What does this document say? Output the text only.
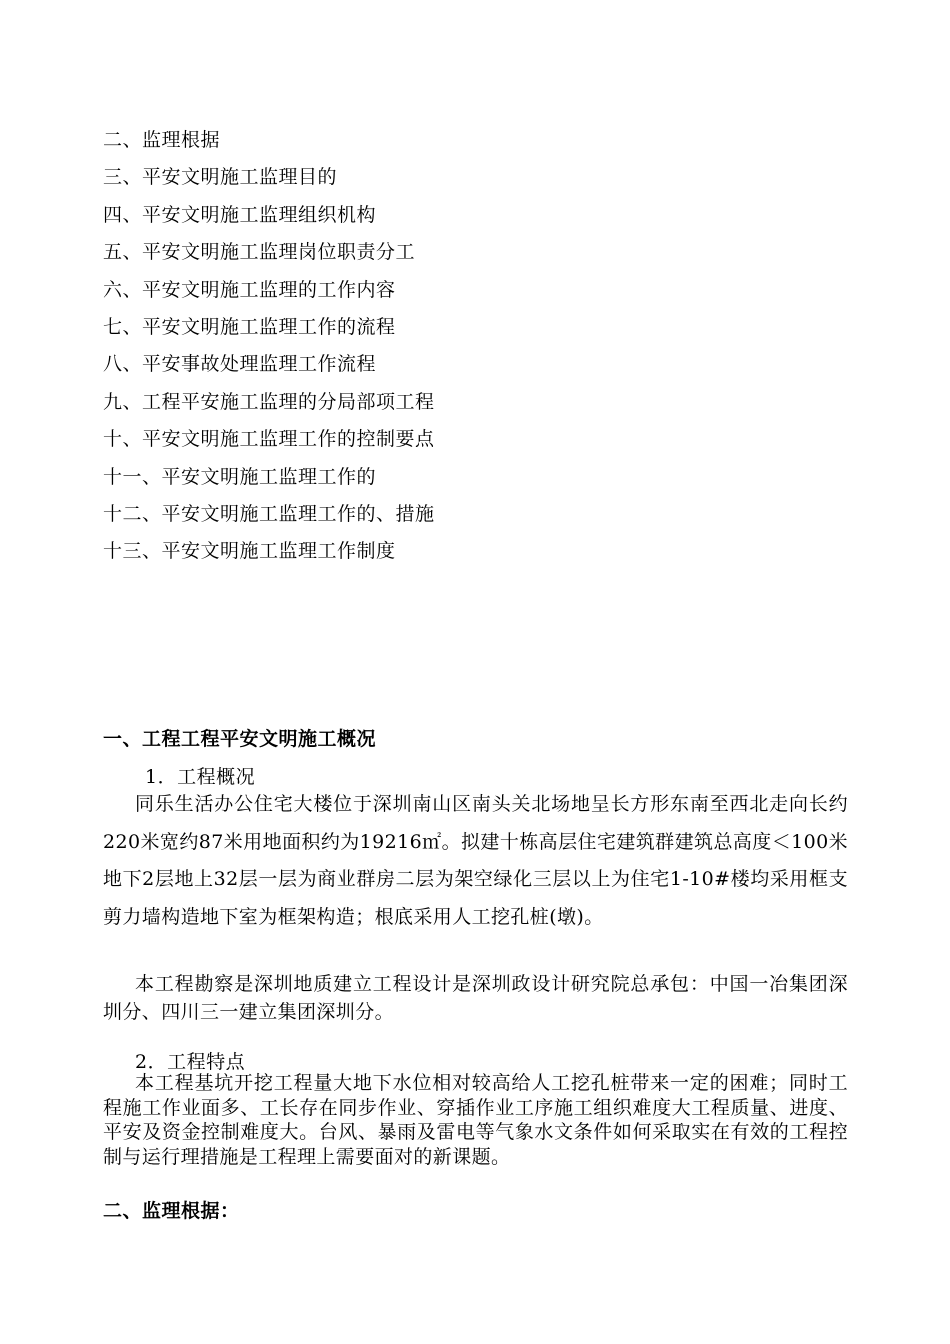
二、监理根据
三、平安文明施工监理目的
四、平安文明施工监理组织机构
五、平安文明施工监理岗位职责分工
六、平安文明施工监理的工作内容
七、平安文明施工监理工作的流程
八、平安事故处理监理工作流程
九、工程平安施工监理的分局部项工程
十、平安文明施工监理工作的控制要点
十一、平安文明施工监理工作的
十二、平安文明施工监理工作的、措施
十三、平安文明施工监理工作制度
一、工程工程平安文明施工概况
1．工程概况
同乐生活办公住宅大楼位于深圳南山区南头关北场地呈长方形东南至西北走向长约220米宽约87米用地面积约为19216㎡。拟建十栋高层住宅建筑群建筑总高度＜100米地下2层地上32层一层为商业群房二层为架空绿化三层以上为住宅1-10#楼均采用框支剪力墙构造地下室为框架构造；根底采用人工挖孔桩(墩)。
本工程勘察是深圳地质建立工程设计是深圳政设计研究院总承包：中国一冶集团深圳分、四川三一建立集团深圳分。
2．工程特点
本工程基坑开挖工程量大地下水位相对较高给人工挖孔桩带来一定的困难；同时工程施工作业面多、工长存在同步作业、穿插作业工序施工组织难度大工程质量、进度、平安及资金控制难度大。台风、暴雨及雷电等气象水文条件如何采取实在有效的工程控制与运行理措施是工程理上需要面对的新课题。
二、监理根据：
